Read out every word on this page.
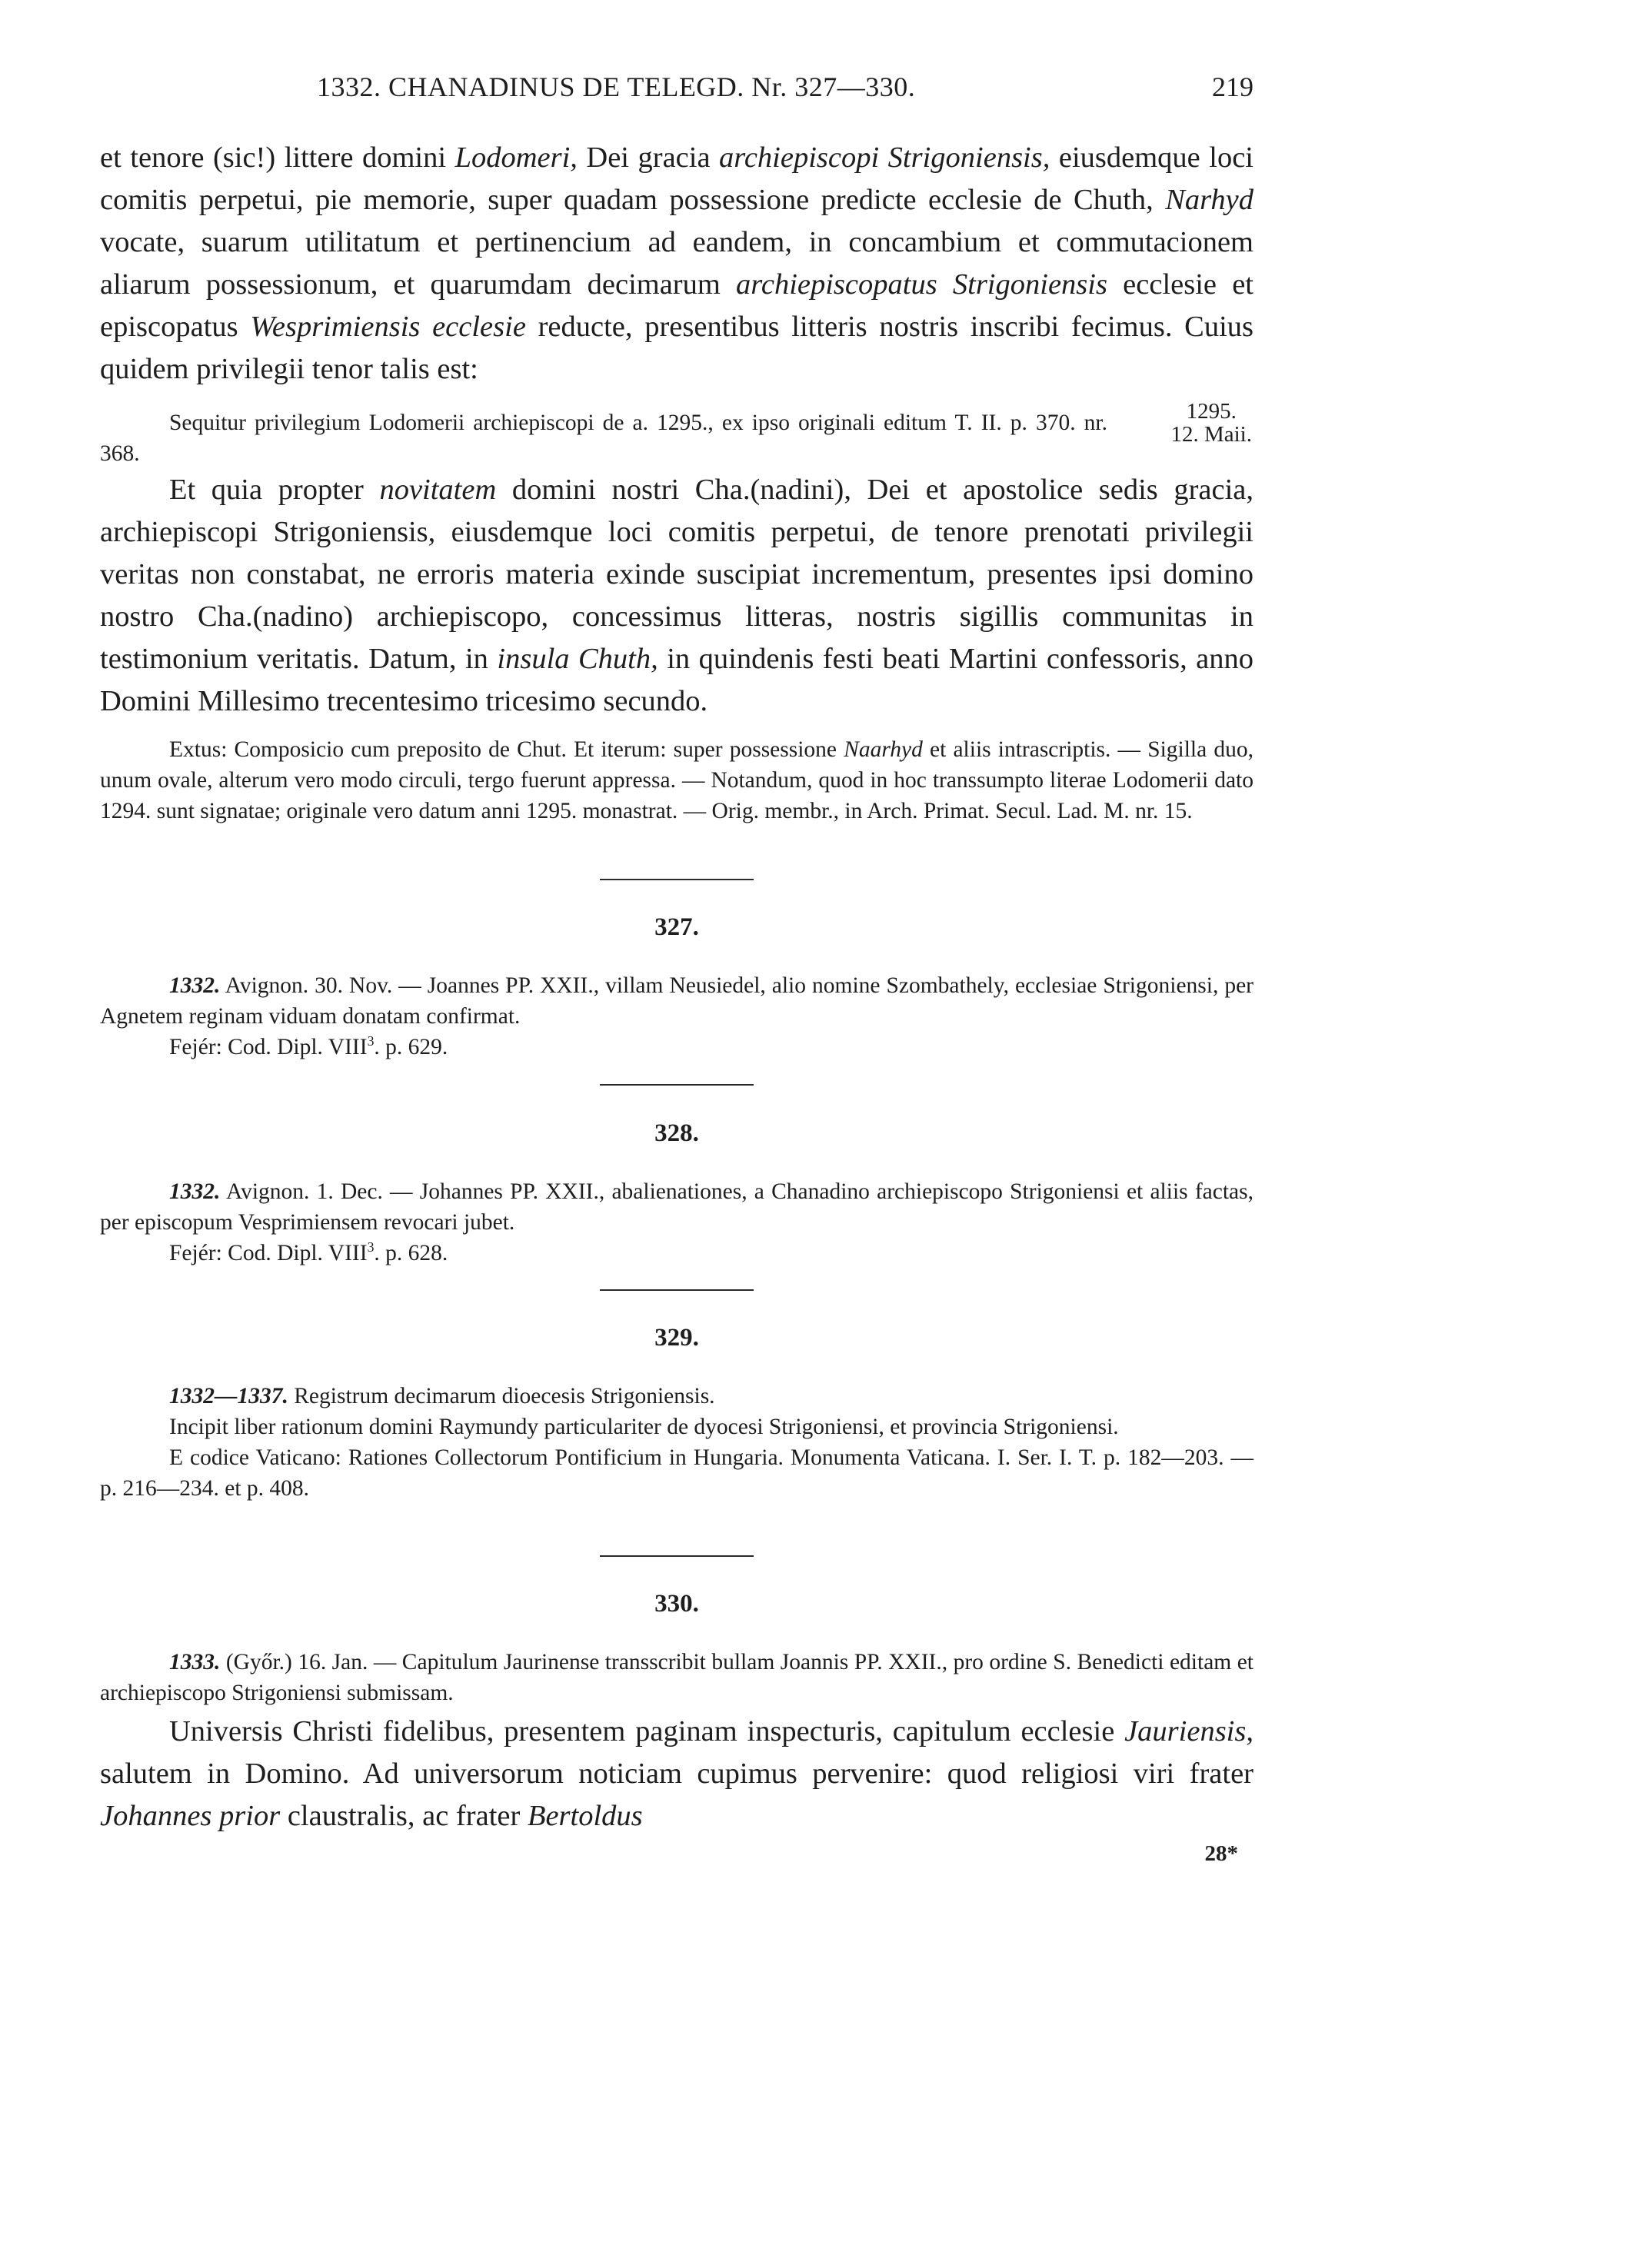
1332. CHANADINUS DE TELEGD. Nr. 327—330.	219

et tenore (sic!) littere domini Lodomeri, Dei gracia archiepiscopi Strigoniensis, eiusdemque loci comitis perpetui, pie memorie, super quadam possessione predicte ecclesie de Chuth, Narhyd vocate, suarum utilitatum et pertinencium ad eandem, in concambium et commutacionem aliarum possessionum, et quarumdam decimarum archiepiscopatus Strigoniensis ecclesie et episcopatus Wesprimiensis ecclesie reducte, presentibus litteris nostris inscribi fecimus. Cuius quidem privilegii tenor talis est:

Sequitur privilegium Lodomerii archiepiscopi de a. 1295., ex ipso originali editum T. II. p. 370. nr. 368.

1295.
12. Maii.

Et quia propter novitatem domini nostri Cha.(nadini), Dei et apostolice sedis gracia, archiepiscopi Strigoniensis, eiusdemque loci comitis perpetui, de tenore prenotati privilegii veritas non constabat, ne erroris materia exinde suscipiat incrementum, presentes ipsi domino nostro Cha.(nadino) archiepiscopo, concessimus litteras, nostris sigillis communitas in testimonium veritatis. Datum, in insula Chuth, in quindenis festi beati Martini confessoris, anno Domini Millesimo trecentesimo tricesimo secundo.

Extus: Composicio cum preposito de Chut. Et iterum: super possessione Naarhyd et aliis intrascriptis. — Sigilla duo, unum ovale, alterum vero modo circuli, tergo fuerunt appressa. — Notandum, quod in hoc transsumpto literae Lodomerii dato 1294. sunt signatae; originale vero datum anni 1295. monastrat. — Orig. membr., in Arch. Primat. Secul. Lad. M. nr. 15.

327.

1332. Avignon. 30. Nov. — Joannes PP. XXII., villam Neusiedel, alio nomine Szombathely, ecclesiae Strigoniensi, per Agnetem reginam viduam donatam confirmat.

Fejér: Cod. Dipl. VIII$^3$. p. 629.

328.

1332. Avignon. 1. Dec. — Johannes PP. XXII., abalienationes, a Chanadino archiepiscopo Strigoniensi et aliis factas, per episcopum Vesprimiensem revocari jubet.

Fejér: Cod. Dipl. VIII$^3$. p. 628.

329.

1332—1337. Registrum decimarum dioecesis Strigoniensis.

Incipit liber rationum domini Raymundy particulariter de dyocesi Strigoniensi, et provincia Strigoniensi.

E codice Vaticano: Rationes Collectorum Pontificium in Hungaria. Monumenta Vaticana. I. Ser. I. T. p. 182—203. — p. 216—234. et p. 408.

330.

1333. (Győr.) 16. Jan. — Capitulum Jaurinense transscribit bullam Joannis PP. XXII., pro ordine S. Benedicti editam et archiepiscopo Strigoniensi submissam.

Universis Christi fidelibus, presentem paginam inspecturis, capitulum ecclesie Jauriensis, salutem in Domino. Ad universorum noticiam cupimus pervenire: quod religiosi viri frater Johannes prior claustralis, ac frater Bertoldus

28*
